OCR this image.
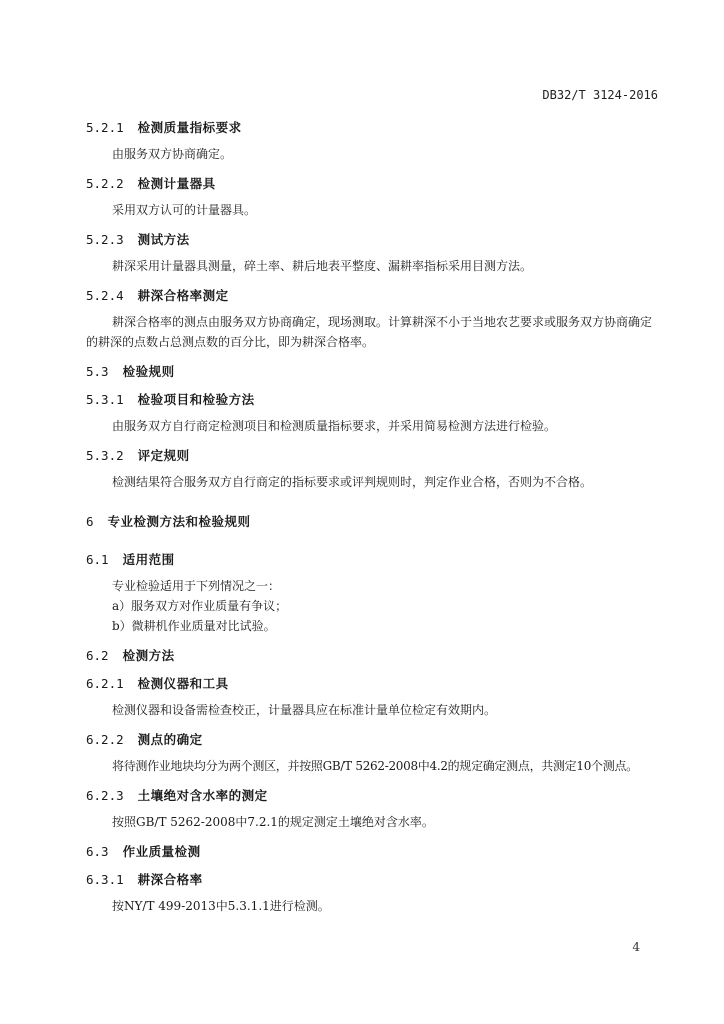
DB32/T 3124-2016
5.2.1 检测质量指标要求
由服务双方协商确定。
5.2.2 检测计量器具
采用双方认可的计量器具。
5.2.3 测试方法
耕深采用计量器具测量，碎土率、耕后地表平整度、漏耕率指标采用目测方法。
5.2.4 耕深合格率测定
耕深合格率的测点由服务双方协商确定，现场测取。计算耕深不小于当地农艺要求或服务双方协商确定的耕深的点数占总测点数的百分比，即为耕深合格率。
5.3 检验规则
5.3.1 检验项目和检验方法
由服务双方自行商定检测项目和检测质量指标要求，并采用简易检测方法进行检验。
5.3.2 评定规则
检测结果符合服务双方自行商定的指标要求或评判规则时，判定作业合格，否则为不合格。
6 专业检测方法和检验规则
6.1 适用范围
专业检验适用于下列情况之一：
a）服务双方对作业质量有争议；
b）微耕机作业质量对比试验。
6.2 检测方法
6.2.1 检测仪器和工具
检测仪器和设备需检查校正，计量器具应在标准计量单位检定有效期内。
6.2.2 测点的确定
将待测作业地块均分为两个测区，并按照GB/T 5262-2008中4.2的规定确定测点，共测定10个测点。
6.2.3 土壤绝对含水率的测定
按照GB/T 5262-2008中7.2.1的规定测定土壤绝对含水率。
6.3 作业质量检测
6.3.1 耕深合格率
按NY/T 499-2013中5.3.1.1进行检测。
4
